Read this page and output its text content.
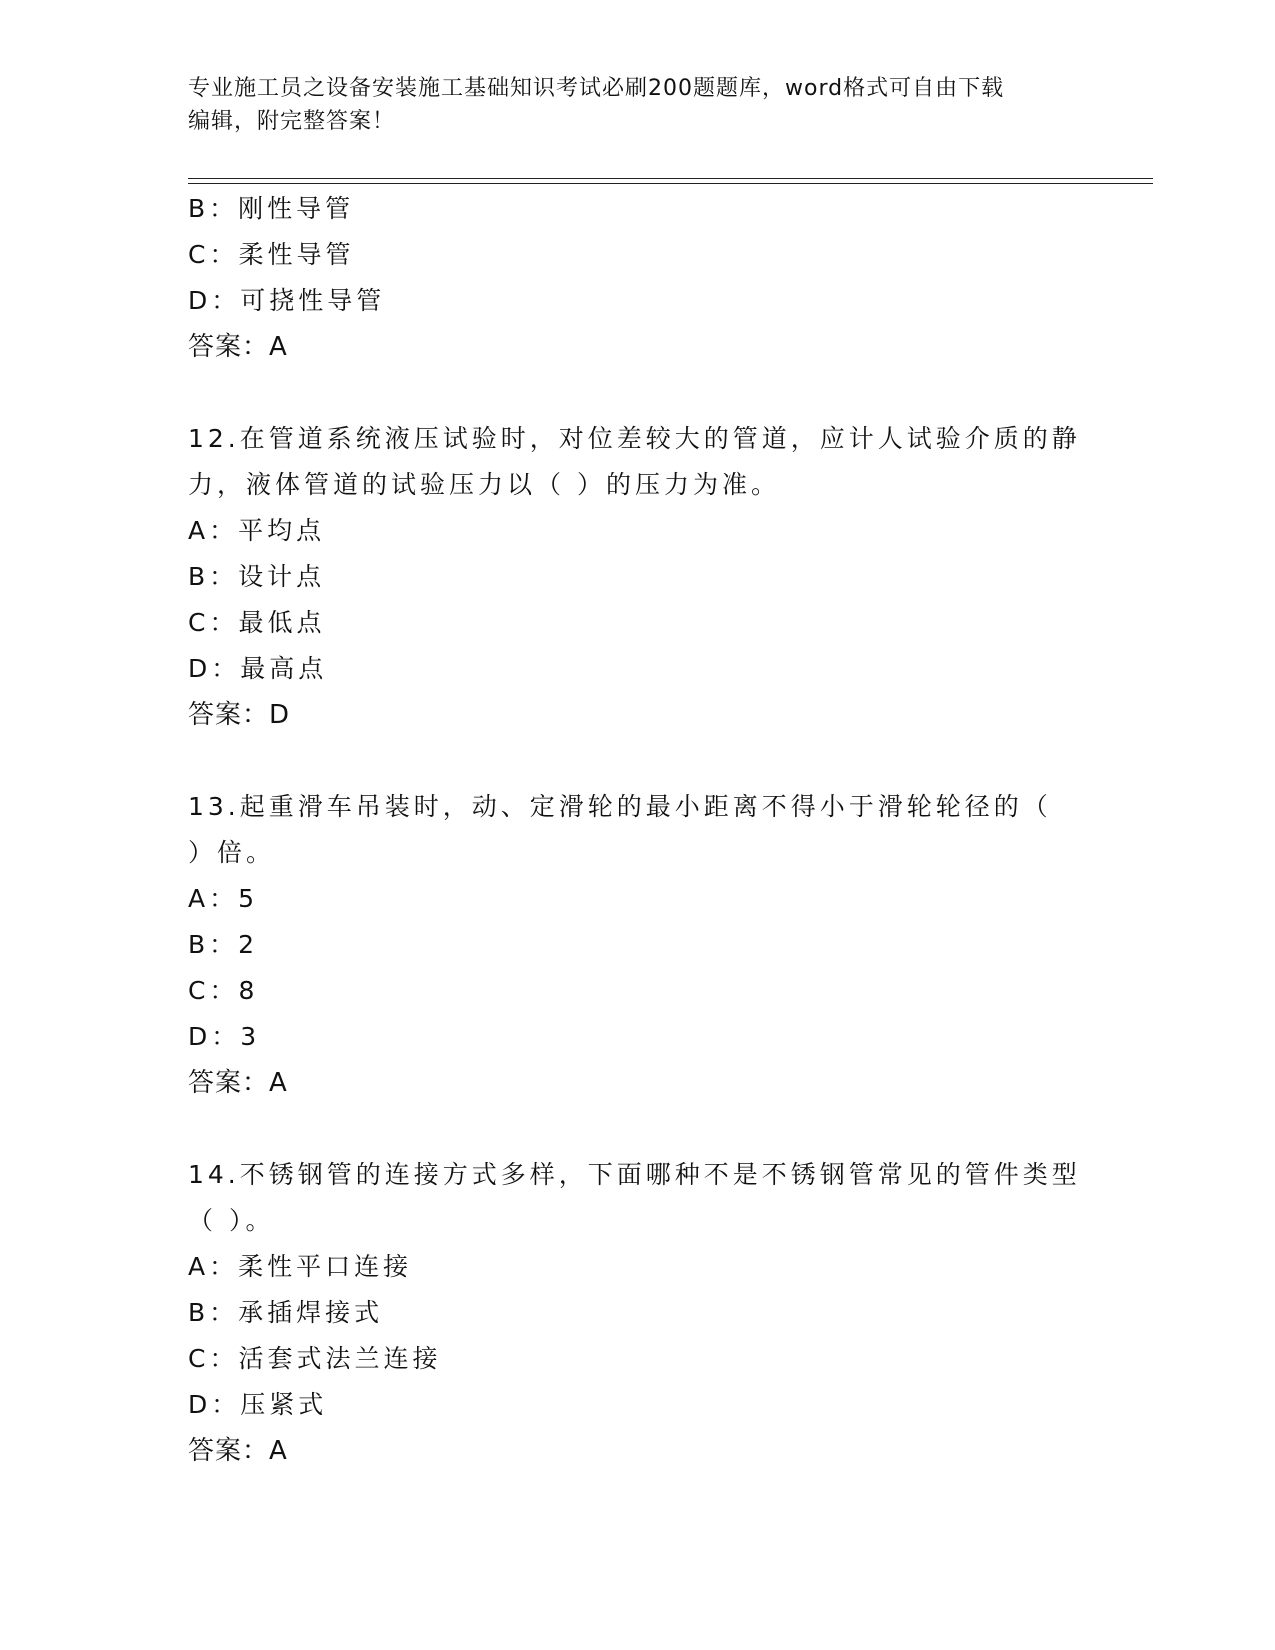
专业施工员之设备安装施工基础知识考试必刷200题题库，word格式可自由下载
编辑，附完整答案！
B：刚性导管
C：柔性导管
D：可挠性导管
答案：A
12.在管道系统液压试验时，对位差较大的管道，应计人试验介质的静
力，液体管道的试验压力以（ ）的压力为准。
A：平均点
B：设计点
C：最低点
D：最高点
答案：D
13.起重滑车吊装时，动、定滑轮的最小距离不得小于滑轮轮径的（
）倍。
A：5
B：2
C：8
D：3
答案：A
14.不锈钢管的连接方式多样，下面哪种不是不锈钢管常见的管件类型
（ ）。
A：柔性平口连接
B：承插焊接式
C：活套式法兰连接
D：压紧式
答案：A
